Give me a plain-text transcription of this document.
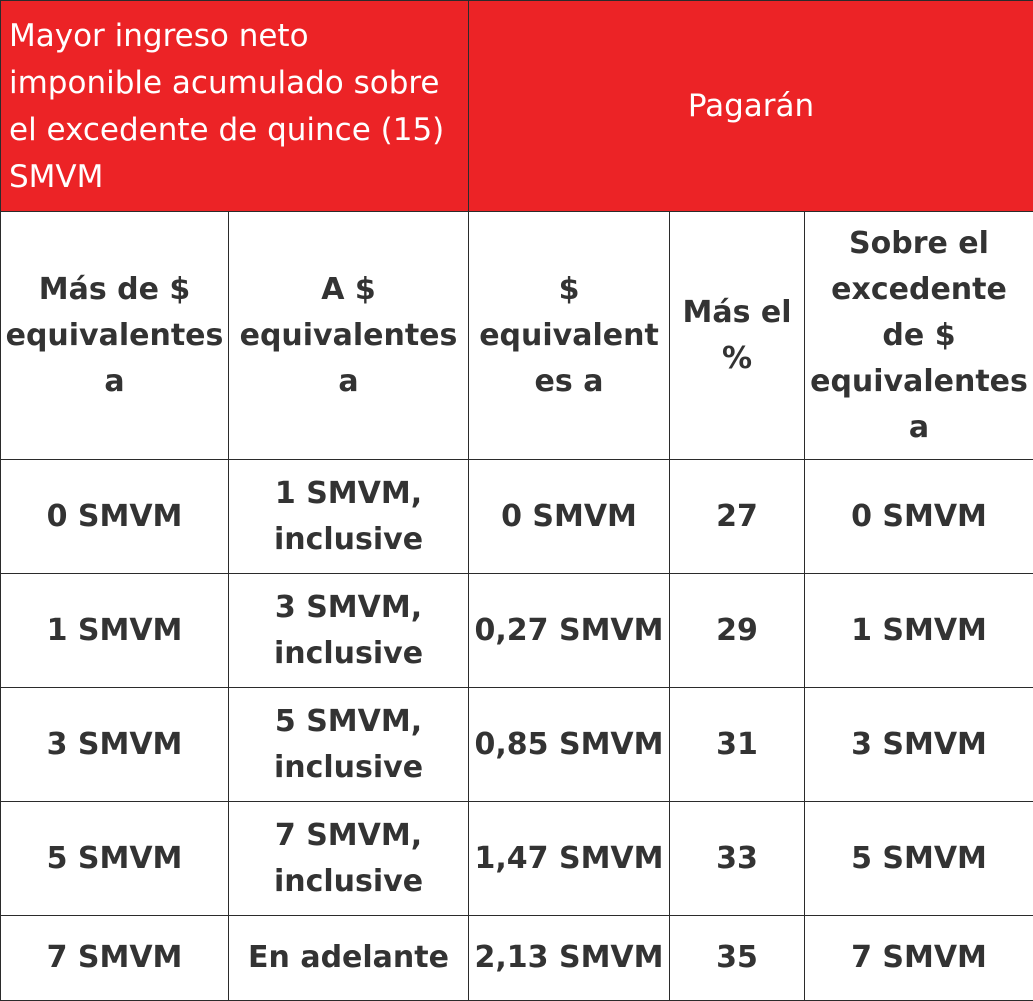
Mayor ingreso neto imponible acumulado sobre el excedente de quince (15) SMVM		Pagarán		
Más de $ equivalentes a	A $ equivalentes a	$ equivalentes a	Más el %	Sobre el excedente de $ equivalentes a
0 SMVM	1 SMVM, inclusive	0 SMVM	27	0 SMVM
1 SMVM	3 SMVM, inclusive	0,27 SMVM	29	1 SMVM
3 SMVM	5 SMVM, inclusive	0,85 SMVM	31	3 SMVM
5 SMVM	7 SMVM, inclusive	1,47 SMVM	33	5 SMVM
7 SMVM	En adelante	2,13 SMVM	35	7 SMVM
